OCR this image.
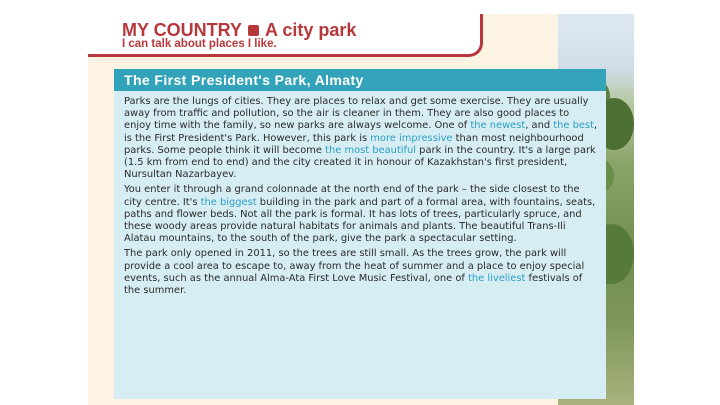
MY COUNTRY A city park
I can talk about places I like.
The First President's Park, Almaty

Parks are the lungs of cities. They are places to relax and get some exercise. They are usually away from traffic and pollution, so the air is cleaner in them. They are also good places to enjoy time with the family, so new parks are always welcome. One of the newest, and the best, is the First President's Park. However, this park is more impressive than most neighbourhood parks. Some people think it will become the most beautiful park in the country. It's a large park (1.5 km from end to end) and the city created it in honour of Kazakhstan's first president, Nursultan Nazarbayev.

You enter it through a grand colonnade at the north end of the park – the side closest to the city centre. It's the biggest building in the park and part of a formal area, with fountains, seats, paths and flower beds. Not all the park is formal. It has lots of trees, particularly spruce, and these woody areas provide natural habitats for animals and plants. The beautiful Trans-Ili Alatau mountains, to the south of the park, give the park a spectacular setting.

The park only opened in 2011, so the trees are still small. As the trees grow, the park will provide a cool area to escape to, away from the heat of summer and a place to enjoy special events, such as the annual Alma-Ata First Love Music Festival, one of the liveliest festivals of the summer.
